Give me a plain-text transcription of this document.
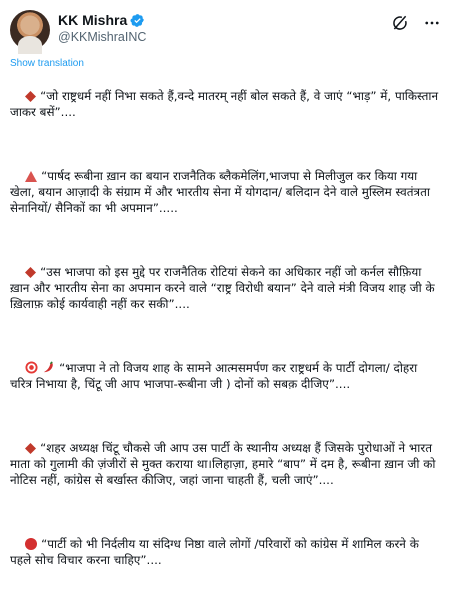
KK Mishra
@KKMishraINC
Show translation

“जो राष्ट्रधर्म नहीं निभा सकते हैं,वन्दे मातरम् नहीं बोल सकते हैं, वे जाएं “भाड़” में, पाकिस्तान जाकर बसें”....

“पार्षद रूबीना ख़ान का बयान राजनैतिक ब्लैकमेलिंग,भाजपा से मिलीजुल कर किया गया खेला, बयान आज़ादी के संग्राम में और भारतीय सेना में योगदान/ बलिदान देने वाले मुस्लिम स्वतंत्रता सेनानियों/ सैनिकों का भी अपमान”.....

“उस भाजपा को इस मुद्दे पर राजनैतिक रोटियां सेकने का अधिकार नहीं जो कर्नल सौफ़िया ख़ान और भारतीय सेना का अपमान करने वाले “राष्ट्र विरोधी बयान” देने वाले मंत्री विजय शाह जी के ख़िलाफ़ कोई कार्यवाही नहीं कर सकी”....

“भाजपा ने तो विजय शाह के सामने आत्मसमर्पण कर राष्ट्रधर्म के पार्टी दोगला/ दोहरा चरित्र निभाया है, चिंटू जी आप भाजपा-रूबीना जी ) दोनों को सबक़ दीजिए”....

“शहर अध्यक्ष चिंटू चौकसे जी आप उस पार्टी के स्थानीय अध्यक्ष हैं जिसके पुरोधाओं ने भारत माता को गुलामी की ज़ंजीरों से मुक्त कराया था।लिहाज़ा, हमारे “बाप” में दम है, रूबीना ख़ान जी को नोटिस नहीं, कांग्रेस से बर्खास्त कीजिए, जहां जाना चाहती हैं, चली जाएं”....

“पार्टी को भी निर्दलीय या संदिग्ध निष्ठा वाले लोगों /परिवारों को कांग्रेस में शामिल करने के पहले सोच विचार करना चाहिए”....
